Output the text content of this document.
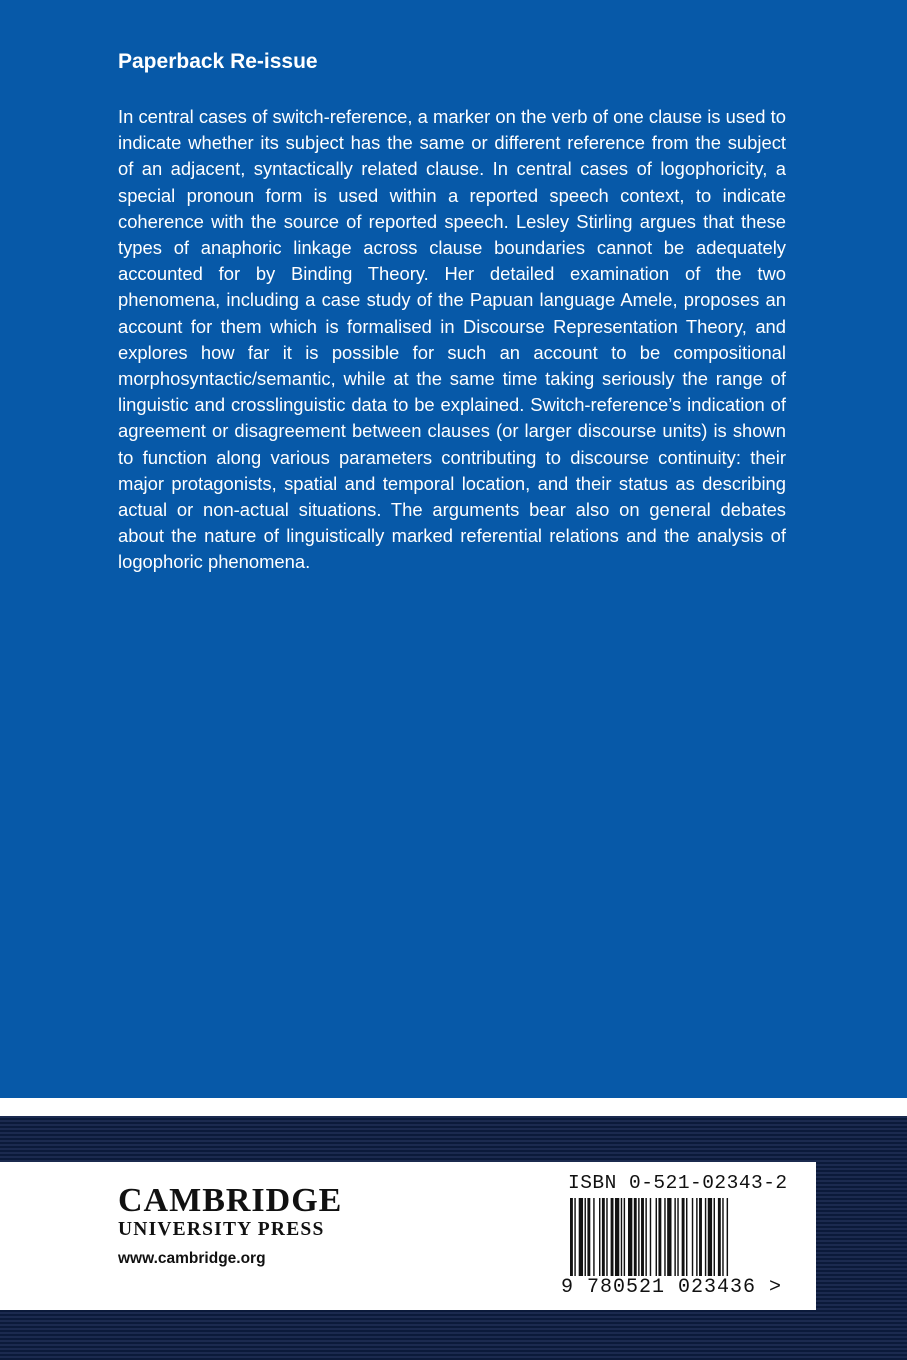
Paperback Re-issue

In central cases of switch-reference, a marker on the verb of one clause is used to indicate whether its subject has the same or different reference from the subject of an adjacent, syntactically related clause. In central cases of logophoricity, a special pronoun form is used within a reported speech context, to indicate coherence with the source of reported speech. Lesley Stirling argues that these types of anaphoric linkage across clause boundaries cannot be adequately accounted for by Binding Theory. Her detailed examination of the two phenomena, including a case study of the Papuan language Amele, proposes an account for them which is formalised in Discourse Representation Theory, and explores how far it is possible for such an account to be compositional morphosyntactic/semantic, while at the same time taking seriously the range of linguistic and crosslinguistic data to be explained. Switch-reference’s indication of agreement or disagreement between clauses (or larger discourse units) is shown to function along various parameters contributing to discourse continuity: their major protagonists, spatial and temporal location, and their status as describing actual or non-actual situations. The arguments bear also on general debates about the nature of linguistically marked referential relations and the analysis of logophoric phenomena.

CAMBRIDGE
UNIVERSITY PRESS
www.cambridge.org
ISBN 0-521-02343-2
9 780521 023436 >
